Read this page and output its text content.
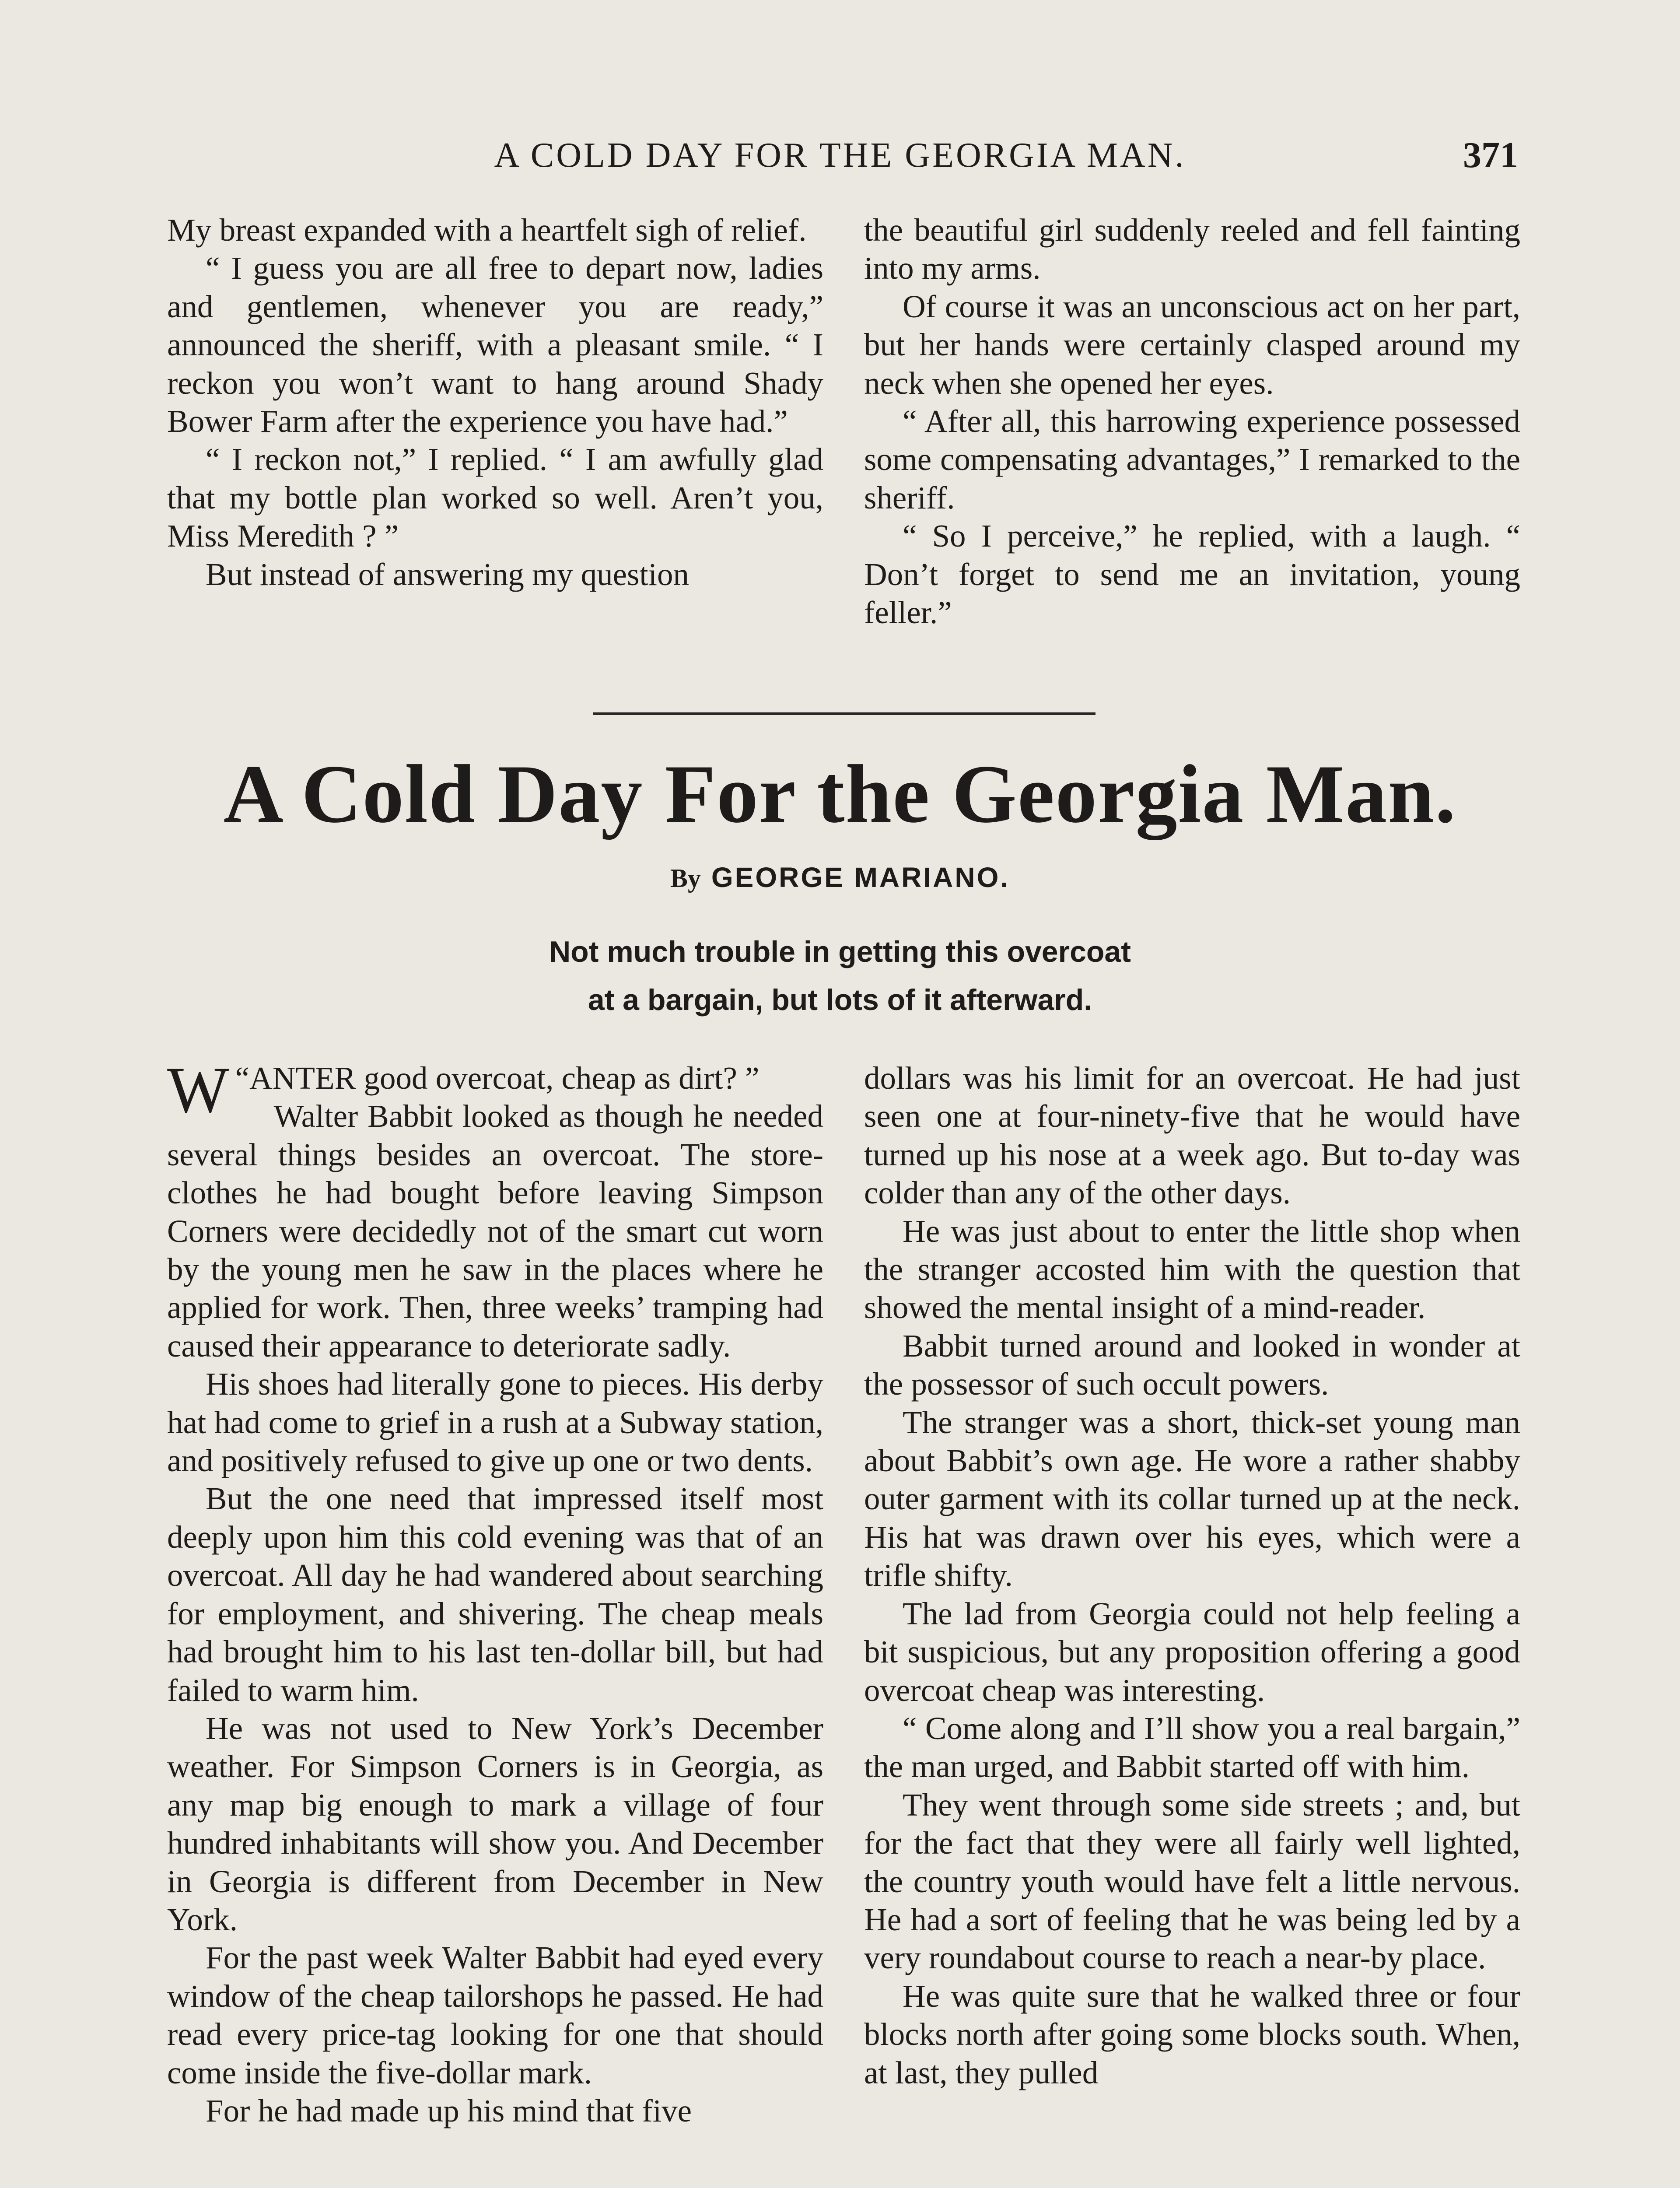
A COLD DAY FOR THE GEORGIA MAN.	371

My breast expanded with a heartfelt sigh of relief.

“ I guess you are all free to depart now, ladies and gentlemen, whenever you are ready,” announced the sheriff, with a pleasant smile. “ I reckon you won’t want to hang around Shady Bower Farm after the experience you have had.”

“ I reckon not,” I replied. “ I am awfully glad that my bottle plan worked so well. Aren’t you, Miss Meredith ? ”

But instead of answering my question

the beautiful girl suddenly reeled and fell fainting into my arms.

Of course it was an unconscious act on her part, but her hands were certainly clasped around my neck when she opened her eyes.

“ After all, this harrowing experience possessed some compensating advantages,” I remarked to the sheriff.

“ So I perceive,” he replied, with a laugh. “ Don’t forget to send me an invitation, young feller.”

A Cold Day For the Georgia Man.
By GEORGE MARIANO.
Not much trouble in getting this overcoat
at a bargain, but lots of it afterward.

“
W ANTER good overcoat, cheap as dirt? ”

Walter Babbit looked as though he needed several things besides an overcoat. The store-clothes he had bought before leaving Simpson Corners were decidedly not of the smart cut worn by the young men he saw in the places where he applied for work. Then, three weeks’ tramping had caused their appearance to deteriorate sadly.

His shoes had literally gone to pieces. His derby hat had come to grief in a rush at a Subway station, and positively refused to give up one or two dents.

But the one need that impressed itself most deeply upon him this cold evening was that of an overcoat. All day he had wandered about searching for employment, and shivering. The cheap meals had brought him to his last ten-dollar bill, but had failed to warm him.

He was not used to New York’s December weather. For Simpson Corners is in Georgia, as any map big enough to mark a village of four hundred inhabitants will show you. And December in Georgia is different from December in New York.

For the past week Walter Babbit had eyed every window of the cheap tailorshops he passed. He had read every price-tag looking for one that should come inside the five-dollar mark.

For he had made up his mind that five

dollars was his limit for an overcoat. He had just seen one at four-ninety-five that he would have turned up his nose at a week ago. But to-day was colder than any of the other days.

He was just about to enter the little shop when the stranger accosted him with the question that showed the mental insight of a mind-reader.

Babbit turned around and looked in wonder at the possessor of such occult powers.

The stranger was a short, thick-set young man about Babbit’s own age. He wore a rather shabby outer garment with its collar turned up at the neck. His hat was drawn over his eyes, which were a trifle shifty.

The lad from Georgia could not help feeling a bit suspicious, but any proposition offering a good overcoat cheap was interesting.

“ Come along and I’ll show you a real bargain,” the man urged, and Babbit started off with him.

They went through some side streets ; and, but for the fact that they were all fairly well lighted, the country youth would have felt a little nervous. He had a sort of feeling that he was being led by a very roundabout course to reach a near-by place.

He was quite sure that he walked three or four blocks north after going some blocks south. When, at last, they pulled
